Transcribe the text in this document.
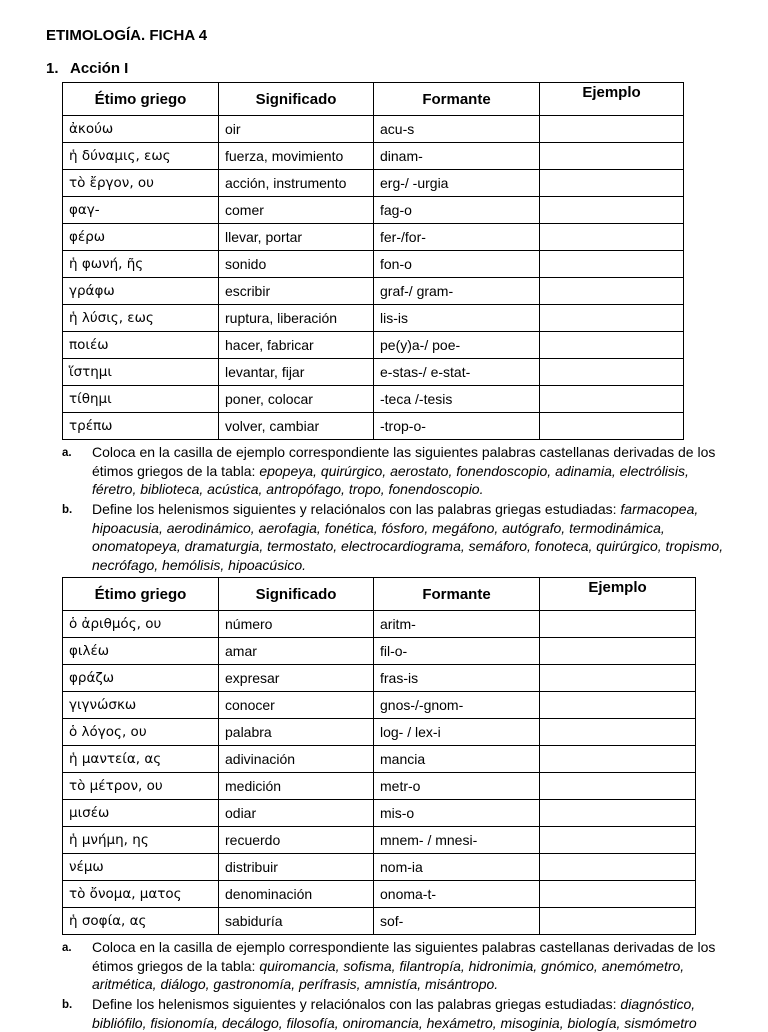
ETIMOLOGÍA. FICHA 4
1. Acción I
Étimo griego	Significado	Formante	Ejemplo
ἀκούω	oir	acu-s	
ἡ δύναμις, εως	fuerza, movimiento	dinam-	
τὸ ἔργον, ου	acción, instrumento	erg-/ -urgia	
φαγ-	comer	fag-o	
φέρω	llevar, portar	fer-/for-	
ἡ φωνή, ῆς	sonido	fon-o	
γράφω	escribir	graf-/ gram-	
ἡ λύσις, εως	ruptura, liberación	lis-is	
ποιέω	hacer, fabricar	pe(y)a-/ poe-	
ἵστημι	levantar, fijar	e-stas-/ e-stat-	
τίθημι	poner, colocar	-teca /-tesis	
τρέπω	volver, cambiar	-trop-o-	
a. Coloca en la casilla de ejemplo correspondiente las siguientes palabras castellanas derivadas de los étimos griegos de la tabla: epopeya, quirúrgico, aerostato, fonendoscopio, adinamia, electrólisis, féretro, biblioteca, acústica, antropófago, tropo, fonendoscopio.
b. Define los helenismos siguientes y relaciónalos con las palabras griegas estudiadas: farmacopea, hipoacusia, aerodinámico, aerofagia, fonética, fósforo, megáfono, autógrafo, termodinámica, onomatopeya, dramaturgia, termostato, electrocardiograma, semáforo, fonoteca, quirúrgico, tropismo, necrófago, hemólisis, hipoacúsico.
Étimo griego	Significado	Formante	Ejemplo
ὁ ἀριθμός, ου	número	aritm-	
φιλέω	amar	fil-o-	
φράζω	expresar	fras-is	
γιγνώσκω	conocer	gnos-/-gnom-	
ὁ λόγος, ου	palabra	log- / lex-i	
ἡ μαντεία, ας	adivinación	mancia	
τὸ μέτρον, ου	medición	metr-o	
μισέω	odiar	mis-o	
ἡ μνήμη, ης	recuerdo	mnem- / mnesi-	
νέμω	distribuir	nom-ia	
τὸ ὄνομα, ματος	denominación	onoma-t-	
ἡ σοφία, ας	sabiduría	sof-	
a. Coloca en la casilla de ejemplo correspondiente las siguientes palabras castellanas derivadas de los étimos griegos de la tabla: quiromancia, sofisma, filantropía, hidronimia, gnómico, anemómetro, aritmética, diálogo, gastronomía, perífrasis, amnistía, misántropo.
b. Define los helenismos siguientes y relaciónalos con las palabras griegas estudiadas: diagnóstico, bibliófilo, fisionomía, decálogo, filosofía, oniromancia, hexámetro, misoginia, biología, sismómetro
